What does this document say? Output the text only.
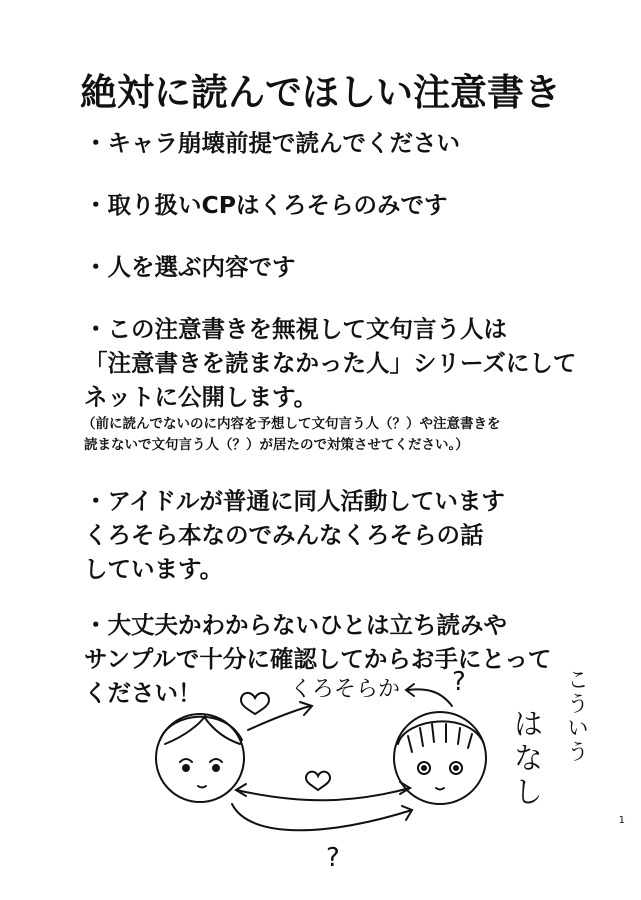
絶対に読んでほしい注意書き

・キャラ崩壊前提で読んでください

・取り扱いCPはくろそらのみです

・人を選ぶ内容です

・この注意書きを無視して文句言う人は

「注意書きを読まなかった人」シリーズにして

ネットに公開します。

（前に読んでないのに内容を予想して文句言う人（？）や注意書きを

読まないで文句言う人（？）が居たので対策させてください。）

・アイドルが普通に同人活動しています

くろそら本なのでみんなくろそらの話

しています。

・大丈夫かわからないひとは立ち読みや

サンプルで十分に確認してからお手にとって

ください！	くろそらか ?
?
こういう
はなし
1
